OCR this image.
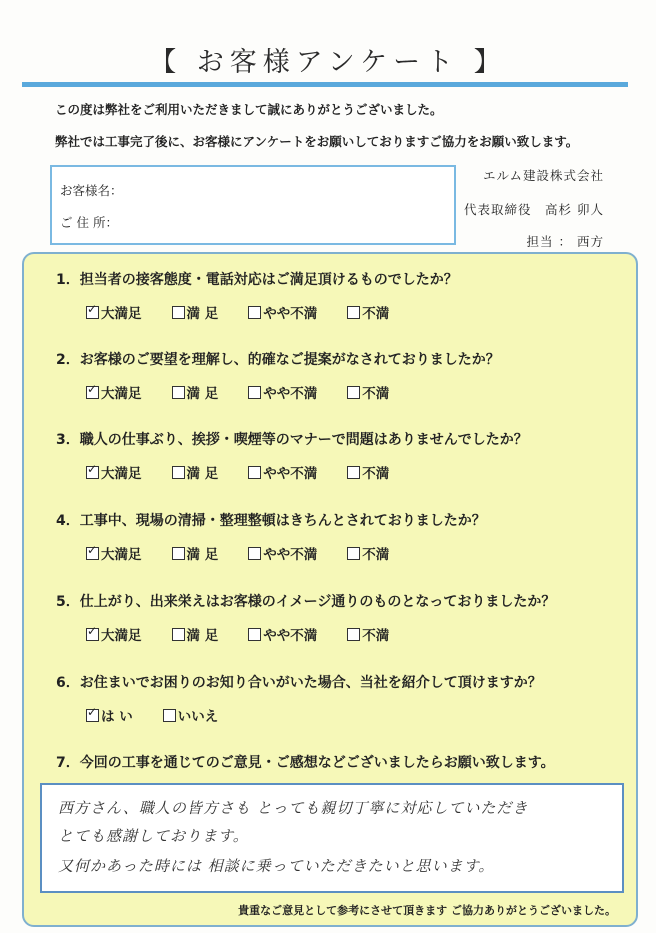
【 お客様アンケート 】
この度は弊社をご利用いただきまして誠にありがとうございました。
弊社では工事完了後に、お客様にアンケートをお願いしておりますご協力をお願い致します。
お客様名：
ご 住 所：
エルム建設株式会社
代表取締役　高杉 卯人
担当 ： 西方
1．担当者の接客態度・電話対応はご満足頂けるものでしたか？
✓大満足	満 足	やや不満	不満
2．お客様のご要望を理解し、的確なご提案がなされておりましたか？
✓大満足	満 足	やや不満	不満
3．職人の仕事ぶり、挨拶・喫煙等のマナーで問題はありませんでしたか？
✓大満足	満 足	やや不満	不満
4．工事中、現場の清掃・整理整頓はきちんとされておりましたか？
✓大満足	満 足	やや不満	不満
5．仕上がり、出来栄えはお客様のイメージ通りのものとなっておりましたか？
✓大満足	満 足	やや不満	不満
6．お住まいでお困りのお知り合いがいた場合、当社を紹介して頂けますか？
✓は い	いいえ
7．今回の工事を通じてのご意見・ご感想などございましたらお願い致します。
西方さん、職人の皆方さも とっても親切丁寧に対応していただき
とても感謝しております。
又何かあった時には 相談に乗っていただきたいと思います。
貴重なご意見として参考にさせて頂きます ご協力ありがとうございました。
